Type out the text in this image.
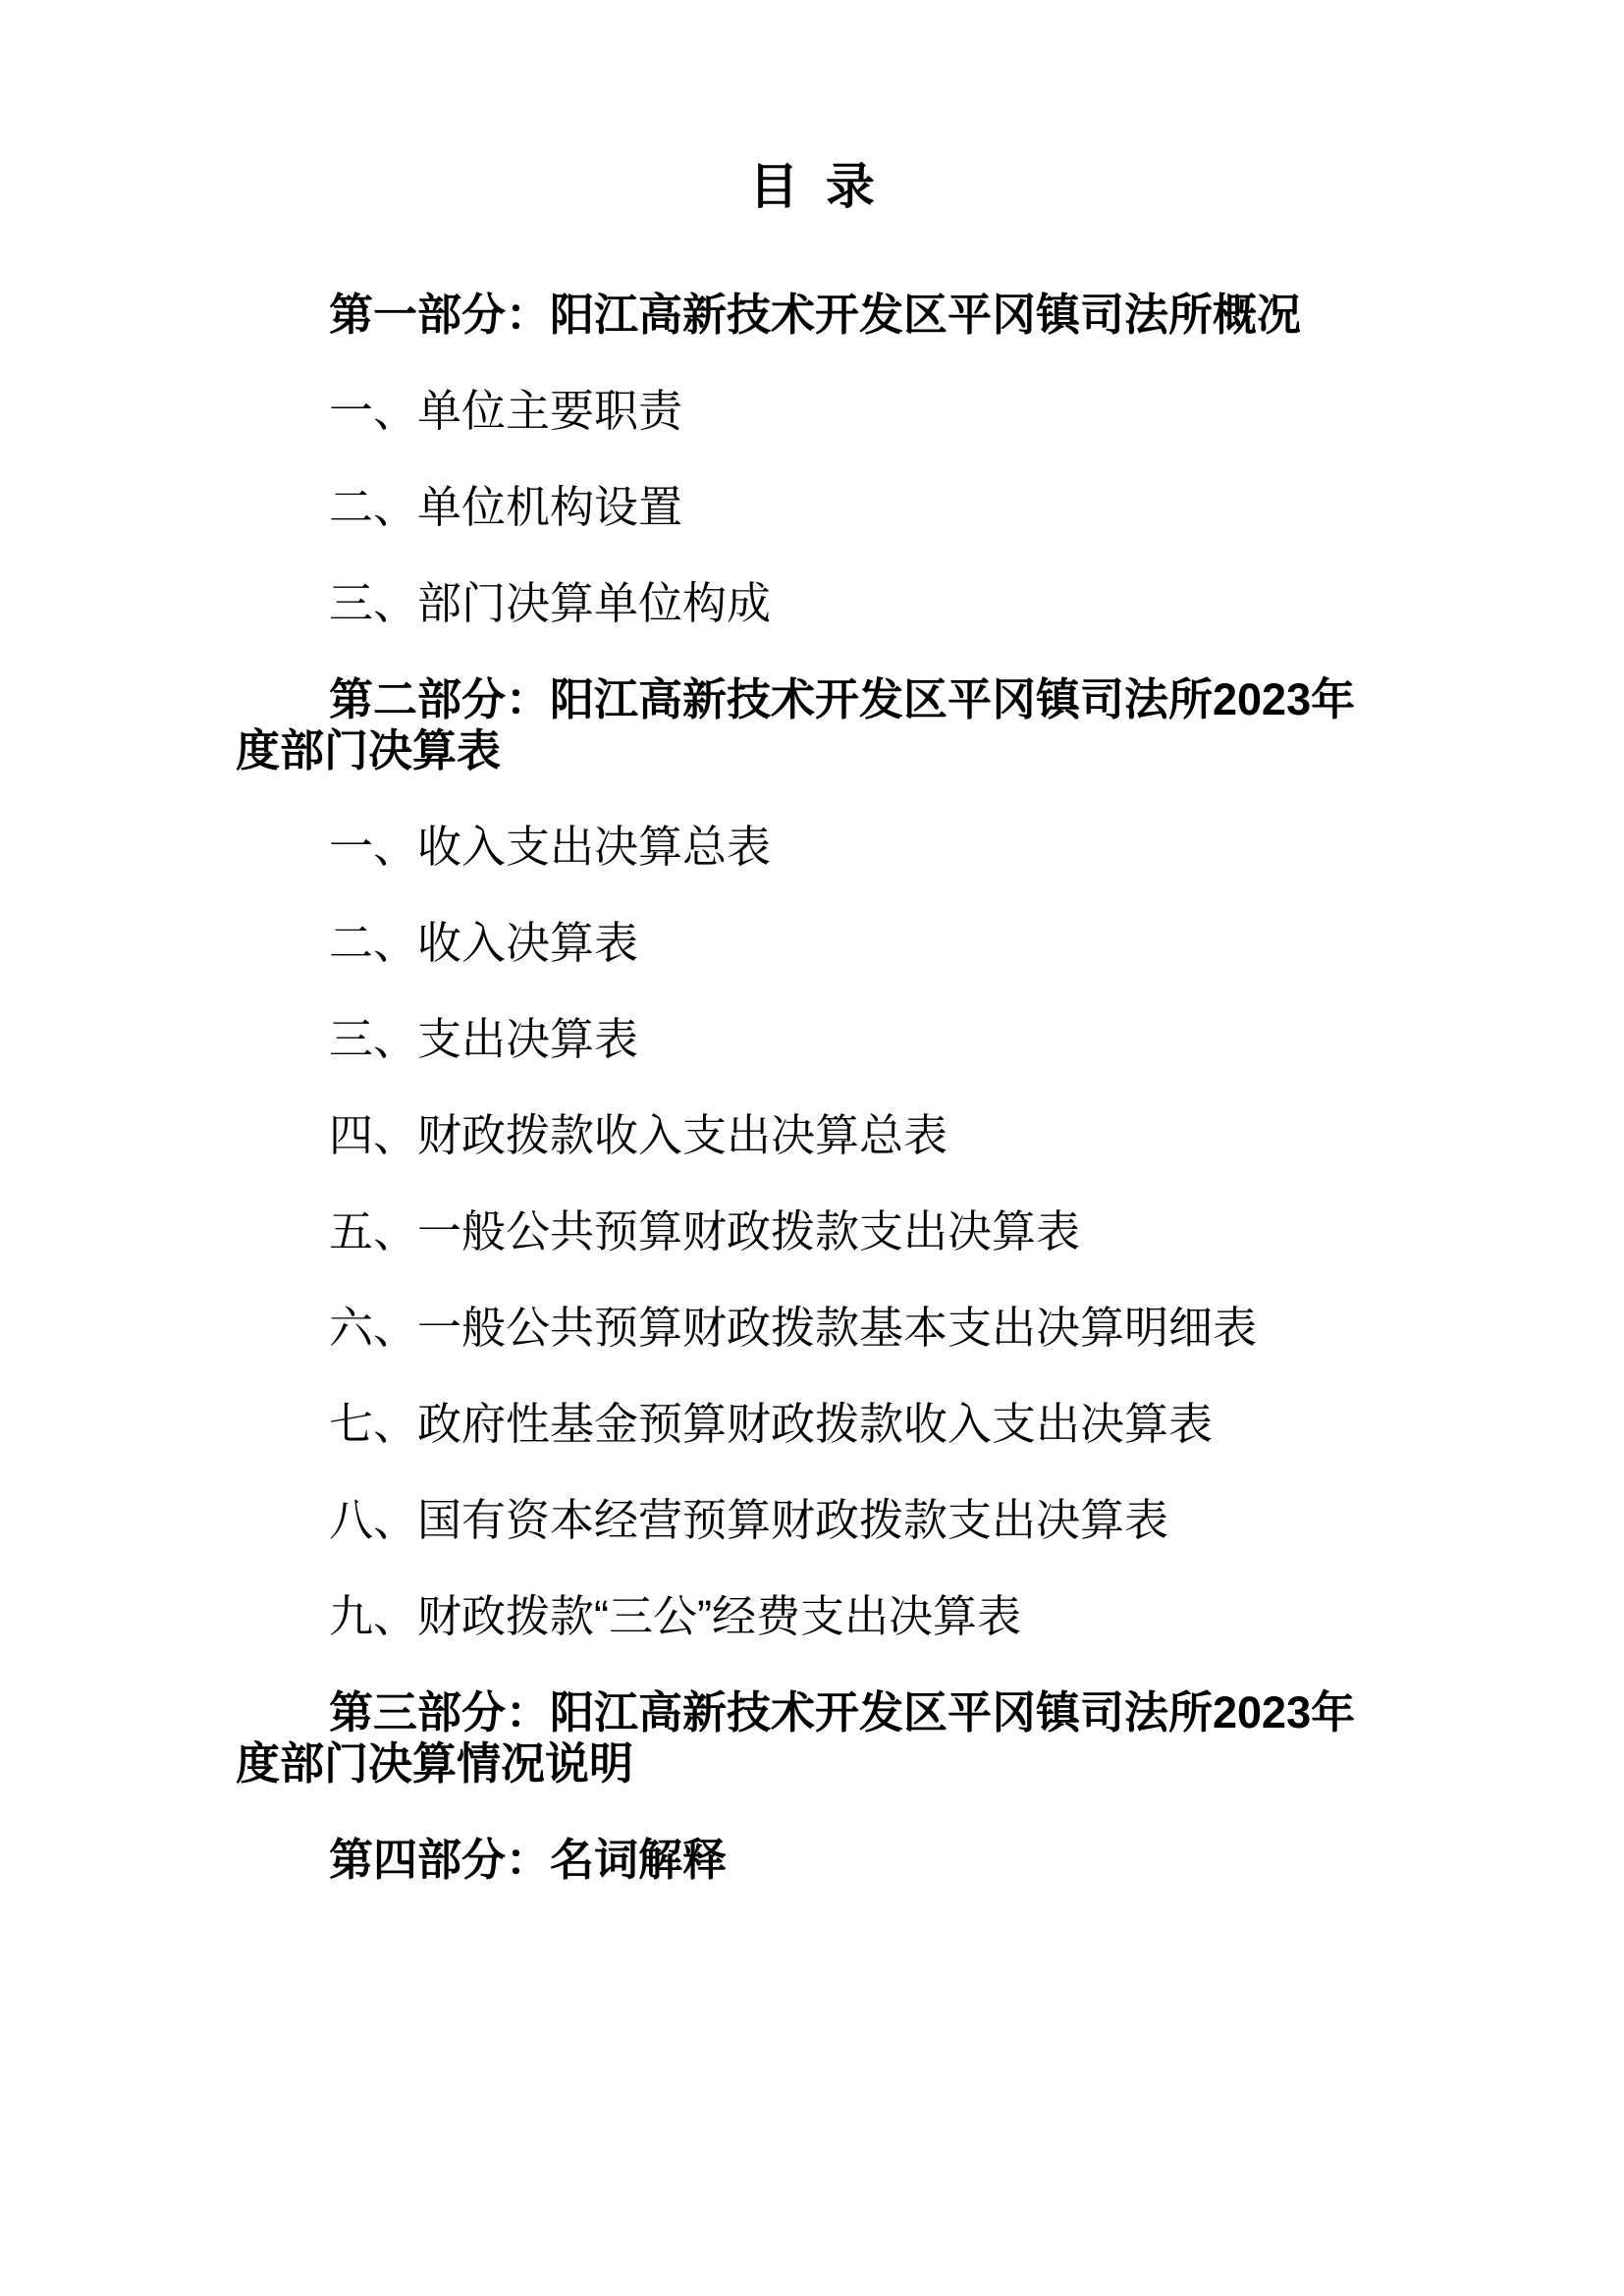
目  录

第一部分：阳江高新技术开发区平冈镇司法所概况

一、单位主要职责

二、单位机构设置

三、部门决算单位构成

第二部分：阳江高新技术开发区平冈镇司法所2023年度部门决算表

一、收入支出决算总表

二、收入决算表

三、支出决算表

四、财政拨款收入支出决算总表

五、一般公共预算财政拨款支出决算表

六、一般公共预算财政拨款基本支出决算明细表

七、政府性基金预算财政拨款收入支出决算表

八、国有资本经营预算财政拨款支出决算表

九、财政拨款“三公”经费支出决算表

第三部分：阳江高新技术开发区平冈镇司法所2023年度部门决算情况说明

第四部分：名词解释
